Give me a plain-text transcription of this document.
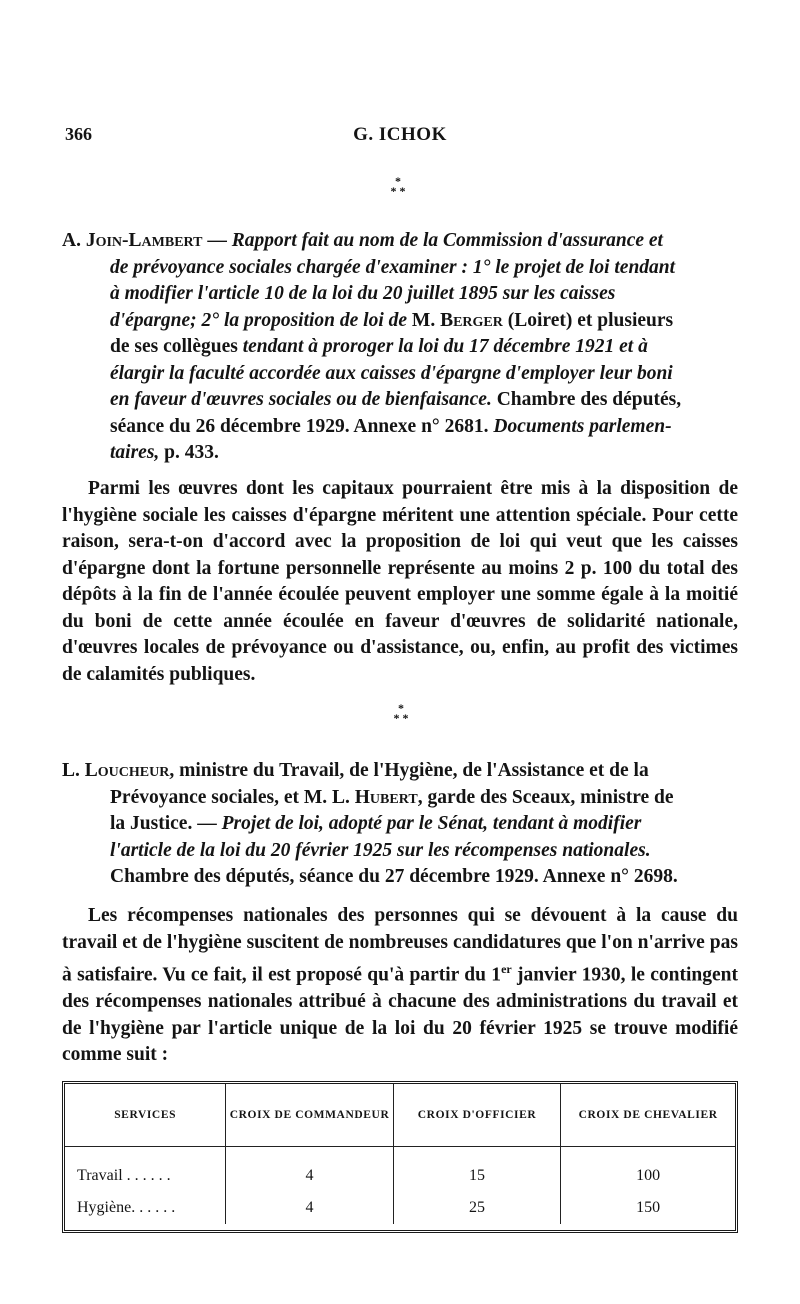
366	G. ICHOK
*
* *
A. Join-Lambert — Rapport fait au nom de la Commission d'assurance et
de prévoyance sociales chargée d'examiner : 1° le projet de loi tendant
à modifier l'article 10 de la loi du 20 juillet 1895 sur les caisses
d'épargne; 2° la proposition de loi de M. Berger (Loiret) et plusieurs
de ses collègues tendant à proroger la loi du 17 décembre 1921 et à
élargir la faculté accordée aux caisses d'épargne d'employer leur boni
en faveur d'œuvres sociales ou de bienfaisance. Chambre des députés,
séance du 26 décembre 1929. Annexe n° 2681. Documents parlemen-
taires, p. 433.

Parmi les œuvres dont les capitaux pourraient être mis à la disposition de l'hygiène sociale les caisses d'épargne méritent une attention spéciale. Pour cette raison, sera-t-on d'accord avec la proposition de loi qui veut que les caisses d'épargne dont la fortune personnelle représente au moins 2 p. 100 du total des dépôts à la fin de l'année écoulée peuvent employer une somme égale à la moitié du boni de cette année écoulée en faveur d'œuvres de solidarité nationale, d'œuvres locales de prévoyance ou d'assistance, ou, enfin, au profit des victimes de calamités publiques.

*
* *
L. Loucheur, ministre du Travail, de l'Hygiène, de l'Assistance et de la
Prévoyance sociales, et M. L. Hubert, garde des Sceaux, ministre de
la Justice. — Projet de loi, adopté par le Sénat, tendant à modifier
l'article de la loi du 20 février 1925 sur les récompenses nationales.
Chambre des députés, séance du 27 décembre 1929. Annexe n° 2698.

Les récompenses nationales des personnes qui se dévouent à la cause du travail et de l'hygiène suscitent de nombreuses candidatures que l'on n'arrive pas à satisfaire. Vu ce fait, il est proposé qu'à partir du 1er janvier 1930, le contingent des récompenses nationales attribué à chacune des administrations du travail et de l'hygiène par l'article unique de la loi du 20 février 1925 se trouve modifié comme suit :

SERVICES	CROIX DE COMMANDEUR	CROIX D'OFFICIER	CROIX DE CHEVALIER
Travail . . . . . .	4	15	100
Hygiène. . . . . .	4	25	150
